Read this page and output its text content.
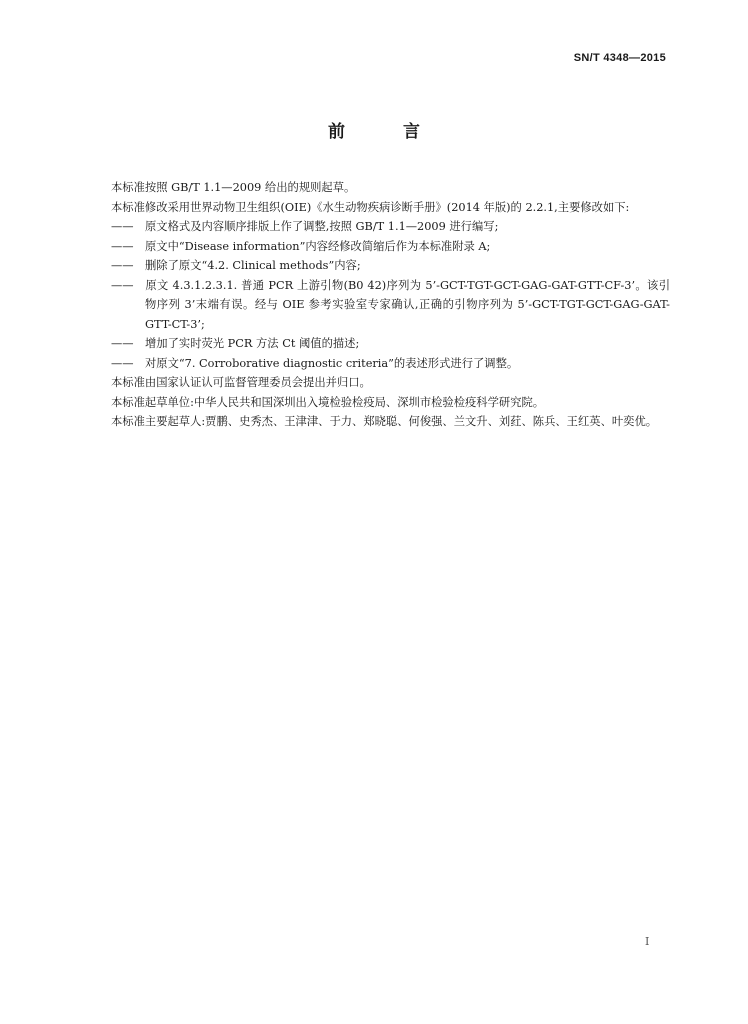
SN/T 4348—2015
前 言

本标准按照 GB/T 1.1—2009 给出的规则起草。

本标准修改采用世界动物卫生组织(OIE)《水生动物疾病诊断手册》(2014 年版)的 2.2.1,主要修改如下:

—— 原文格式及内容顺序排版上作了调整,按照 GB/T 1.1—2009 进行编写;

—— 原文中“Disease information”内容经修改简缩后作为本标准附录 A;

—— 删除了原文“4.2. Clinical methods”内容;

—— 原文 4.3.1.2.3.1. 普通 PCR 上游引物(B0 42)序列为 5’-GCT-TGT-GCT-GAG-GAT-GTT-CF-3’。该引物序列 3’末端有误。经与 OIE 参考实验室专家确认,正确的引物序列为 5’-GCT-TGT-GCT-GAG-GAT-GTT-CT-3’;

—— 增加了实时荧光 PCR 方法 Ct 阈值的描述;

—— 对原文“7. Corroborative diagnostic criteria”的表述形式进行了调整。

本标准由国家认证认可监督管理委员会提出并归口。

本标准起草单位:中华人民共和国深圳出入境检验检疫局、深圳市检验检疫科学研究院。

本标准主要起草人:贾鹏、史秀杰、王津津、于力、郑晓聪、何俊强、兰文升、刘荭、陈兵、王红英、叶奕优。

I
